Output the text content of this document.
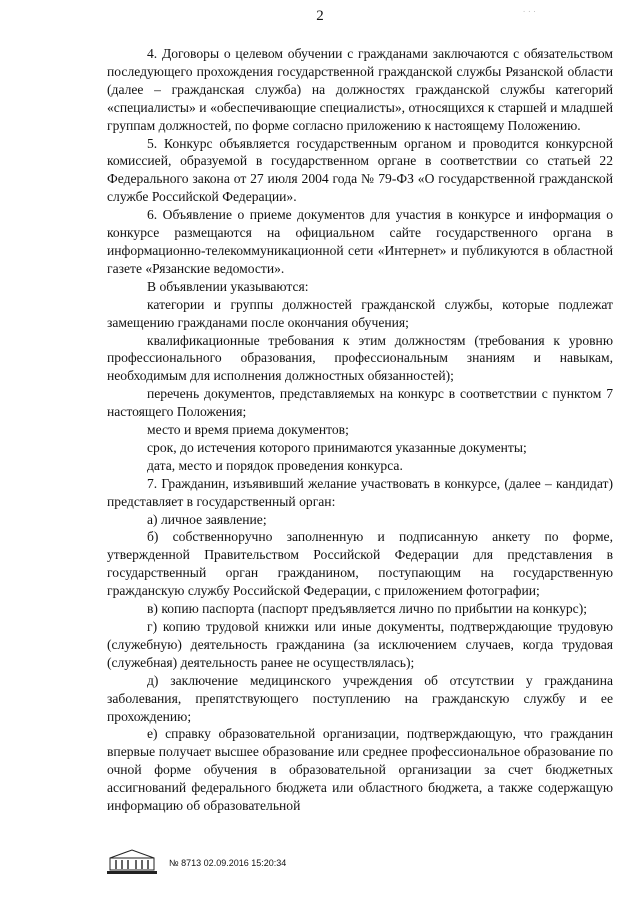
2	...

4. Договоры о целевом обучении с гражданами заключаются с обязательством последующего прохождения государственной гражданской службы Рязанской области (далее – гражданская служба) на должностях гражданской службы категорий «специалисты» и «обеспечивающие специалисты», относящихся к старшей и младшей группам должностей, по форме согласно приложению к настоящему Положению.

5. Конкурс объявляется государственным органом и проводится конкурсной комиссией, образуемой в государственном органе в соответствии со статьей 22 Федерального закона от 27 июля 2004 года № 79-ФЗ «О государственной гражданской службе Российской Федерации».

6. Объявление о приеме документов для участия в конкурсе и информация о конкурсе размещаются на официальном сайте государственного органа в информационно-телекоммуникационной сети «Интернет» и публикуются в областной газете «Рязанские ведомости».

В объявлении указываются:

категории и группы должностей гражданской службы, которые подлежат замещению гражданами после окончания обучения;

квалификационные требования к этим должностям (требования к уровню профессионального образования, профессиональным знаниям и навыкам, необходимым для исполнения должностных обязанностей);

перечень документов, представляемых на конкурс в соответствии с пунктом 7 настоящего Положения;

место и время приема документов;

срок, до истечения которого принимаются указанные документы;

дата, место и порядок проведения конкурса.

7. Гражданин, изъявивший желание участвовать в конкурсе, (далее – кандидат) представляет в государственный орган:

а) личное заявление;

б) собственноручно заполненную и подписанную анкету по форме, утвержденной Правительством Российской Федерации для представления в государственный орган гражданином, поступающим на государственную гражданскую службу Российской Федерации, с приложением фотографии;

в) копию паспорта (паспорт предъявляется лично по прибытии на конкурс);

г) копию трудовой книжки или иные документы, подтверждающие трудовую (служебную) деятельность гражданина (за исключением случаев, когда трудовая (служебная) деятельность ранее не осуществлялась);

д) заключение медицинского учреждения об отсутствии у гражданина заболевания, препятствующего поступлению на гражданскую службу и ее прохождению;

е) справку образовательной организации, подтверждающую, что гражданин впервые получает высшее образование или среднее профессиональное образование по очной форме обучения в образовательной организации за счет бюджетных ассигнований федерального бюджета или областного бюджета, а также содержащую информацию об образовательной

№ 8713 02.09.2016 15:20:34
